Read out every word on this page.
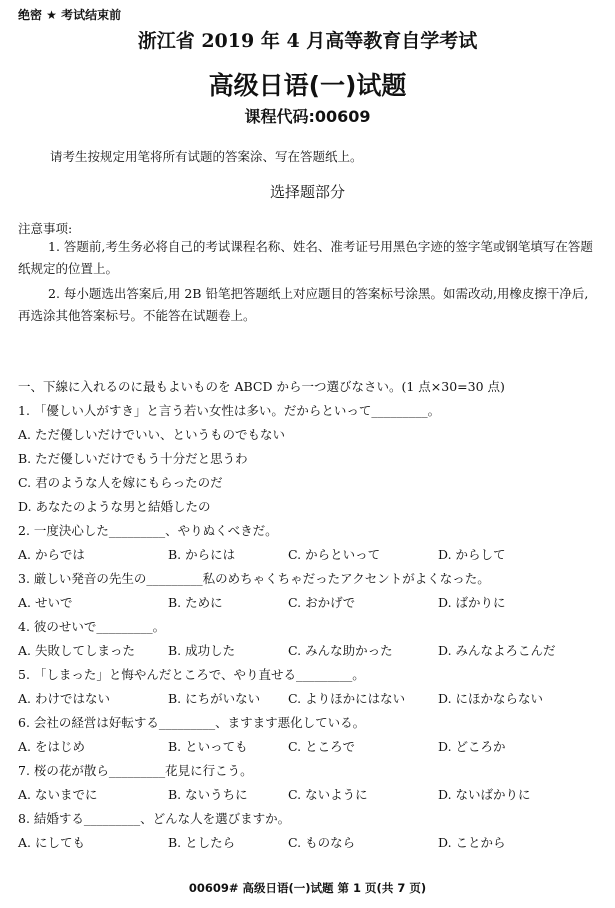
绝密 ★ 考试结束前
浙江省 2019 年 4 月高等教育自学考试
高级日语(一)试题
课程代码:00609
请考生按规定用笔将所有试题的答案涂、写在答题纸上。
选择题部分
注意事项:
1. 答题前,考生务必将自己的考试课程名称、姓名、准考证号用黑色字迹的签字笔或钢笔填写在答题纸规定的位置上。
2. 每小题选出答案后,用 2B 铅笔把答题纸上对应题目的答案标号涂黑。如需改动,用橡皮擦干净后,再选涂其他答案标号。不能答在试题卷上。
一、下線に入れるのに最もよいものを ABCD から一つ選びなさい。(1 点×30=30 点)
1. 「優しい人がすき」と言う若い女性は多い。だからといって_________。
A. ただ優しいだけでいい、というものでもない
B. ただ優しいだけでもう十分だと思うわ
C. 君のような人を嫁にもらったのだ
D. あなたのような男と結婚したの
2. 一度決心した_________、やりぬくべきだ。
A. からでは	B. からには	C. からといって	D. からして
3. 厳しい発音の先生の_________私のめちゃくちゃだったアクセントがよくなった。
A. せいで	B. ために	C. おかげで	D. ばかりに
4. 彼のせいで_________。
A. 失敗してしまった	B. 成功した	C. みんな助かった	D. みんなよろこんだ
5. 「しまった」と悔やんだところで、やり直せる_________。
A. わけではない	B. にちがいない C. よりほかにはない	D. にほかならない
6. 会社の経営は好転する_________、ますます悪化している。
A. をはじめ	B. といっても	C. ところで	D. どころか
7. 桜の花が散ら_________花見に行こう。
A. ないまでに	B. ないうちに	C. ないように	D. ないばかりに
8. 結婚する_________、どんな人を選びますか。
A. にしても	B. としたら	C. ものなら	D. ことから
00609# 高级日语(一)试题 第 1 页(共 7 页)
